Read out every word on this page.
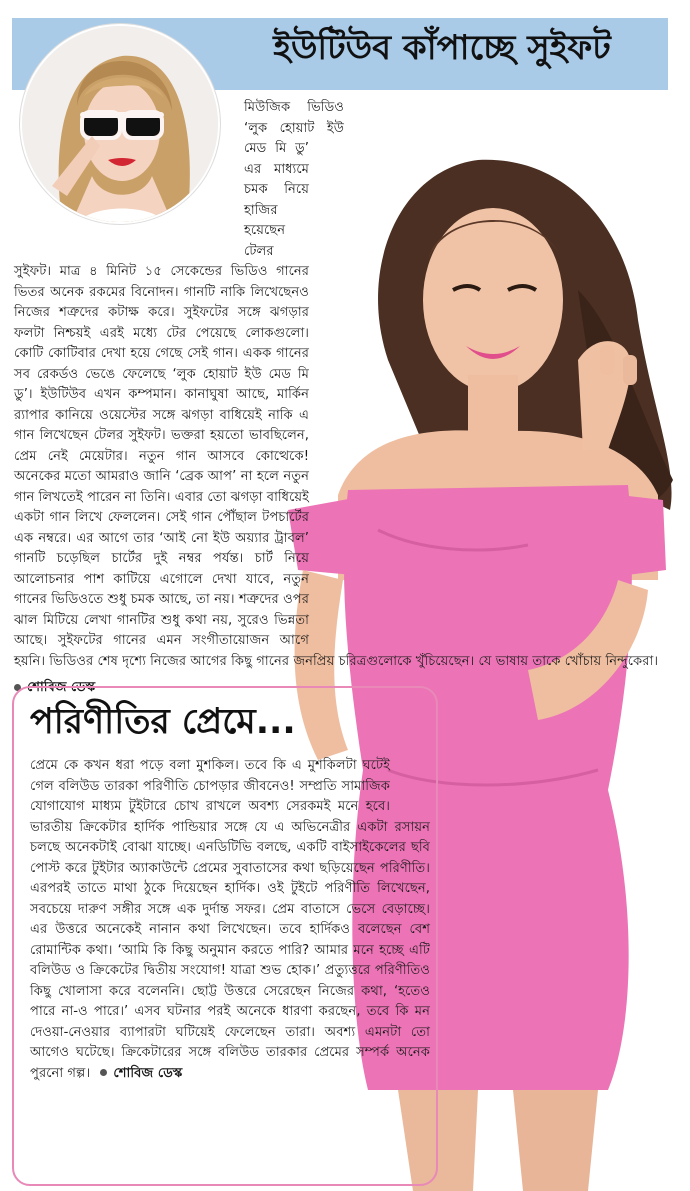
ইউটিউব কাঁপাচ্ছে সুইফট
মিউজিক ভিডিও ‘লুক হোয়াট ইউ মেড মি ডু’ এর মাধ্যমে চমক নিয়ে হাজির হয়েছেন টেলর সুইফট। মাত্র ৪ মিনিট ১৫ সেকেন্ডের ভিডিও গানের ভিতর অনেক রকমের বিনোদন। গানটি নাকি লিখেছেনও নিজের শত্রুদের কটাক্ষ করে। সুইফটের সঙ্গে ঝগড়ার ফলটা নিশ্চয়ই এরই মধ্যে টের পেয়েছে লোকগুলো। কোটি কোটিবার দেখা হয়ে গেছে সেই গান। একক গানের সব রেকর্ডও ভেঙে ফেলেছে ‘লুক হোয়াট ইউ মেড মি ডু’। ইউটিউব এখন কম্পমান। কানাঘুষা আছে, মার্কিন র‍্যাপার কানিয়ে ওয়েস্টের সঙ্গে ঝগড়া বাধিয়েই নাকি এ গান লিখেছেন টেলর সুইফট। ভক্তরা হয়তো ভাবছিলেন, প্রেম নেই মেয়েটার। নতুন গান আসবে কোত্থেকে! অনেকের মতো আমরাও জানি ‘ব্রেক আপ’ না হলে নতুন গান লিখতেই পারেন না তিনি। এবার তো ঝগড়া বাধিয়েই একটা গান লিখে ফেললেন। সেই গান পৌঁছাল টপচার্টের এক নম্বরে। এর আগে তার ‘আই নো ইউ অয়্যার ট্রাবল’ গানটি চড়েছিল চার্টের দুই নম্বর পর্যন্ত। চার্ট নিয়ে আলোচনার পাশ কাটিয়ে এগোলে দেখা যাবে, নতুন গানের ভিডিওতে শুধু চমক আছে, তা নয়। শত্রুদের ওপর ঝাল মিটিয়ে লেখা গানটির শুধু কথা নয়, সুরেও ভিন্নতা আছে। সুইফটের গানের এমন সংগীতায়োজন আগে হয়নি। ভিডিওর শেষ দৃশ্যে নিজের আগের কিছু গানের জনপ্রিয় চরিত্রগুলোকে খুঁচিয়েছেন। যে ভাষায় তাকে খোঁচায় নিন্দুকেরা।
শোবিজ ডেস্ক
পরিণীতির প্রেমে...
প্রেমে কে কখন ধরা পড়ে বলা মুশকিল। তবে কি এ মুশকিলটা ঘটেই গেল বলিউড তারকা পরিণীতি চোপড়ার জীবনেও! সম্প্রতি সামাজিক যোগাযোগ মাধ্যম টুইটারে চোখ রাখলে অবশ্য সেরকমই মনে হবে। ভারতীয় ক্রিকেটার হার্দিক পান্ডিয়ার সঙ্গে যে এ অভিনেত্রীর একটা রসায়ন চলছে অনেকটাই বোঝা যাচ্ছে। এনডিটিভি বলছে, একটি বাইসাইকেলের ছবি পোস্ট করে টুইটার অ্যাকাউন্টে প্রেমের সুবাতাসের কথা ছড়িয়েছেন পরিণীতি। এরপরই তাতে মাথা ঠুকে দিয়েছেন হার্দিক। ওই টুইটে পরিণীতি লিখেছেন, সবচেয়ে দারুণ সঙ্গীর সঙ্গে এক দুর্দান্ত সফর। প্রেম বাতাসে ভেসে বেড়াচ্ছে। এর উত্তরে অনেকেই নানান কথা লিখেছেন। তবে হার্দিকও বলেছেন বেশ রোমান্টিক কথা। ‘আমি কি কিছু অনুমান করতে পারি? আমার মনে হচ্ছে এটি বলিউড ও ক্রিকেটের দ্বিতীয় সংযোগ! যাত্রা শুভ হোক।’ প্রত্যুত্তরে পরিণীতিও কিছু খোলাসা করে বলেননি। ছোট্ট উত্তরে সেরেছেন নিজের কথা, ‘হতেও পারে না-ও পারে।’ এসব ঘটনার পরই অনেকে ধারণা করছেন, তবে কি মন দেওয়া-নেওয়ার ব্যাপারটা ঘটিয়েই ফেলেছেন তারা। অবশ্য এমনটা তো আগেও ঘটেছে। ক্রিকেটারের সঙ্গে বলিউড তারকার প্রেমের সম্পর্ক অনেক পুরনো গল্প। শোবিজ ডেস্ক
